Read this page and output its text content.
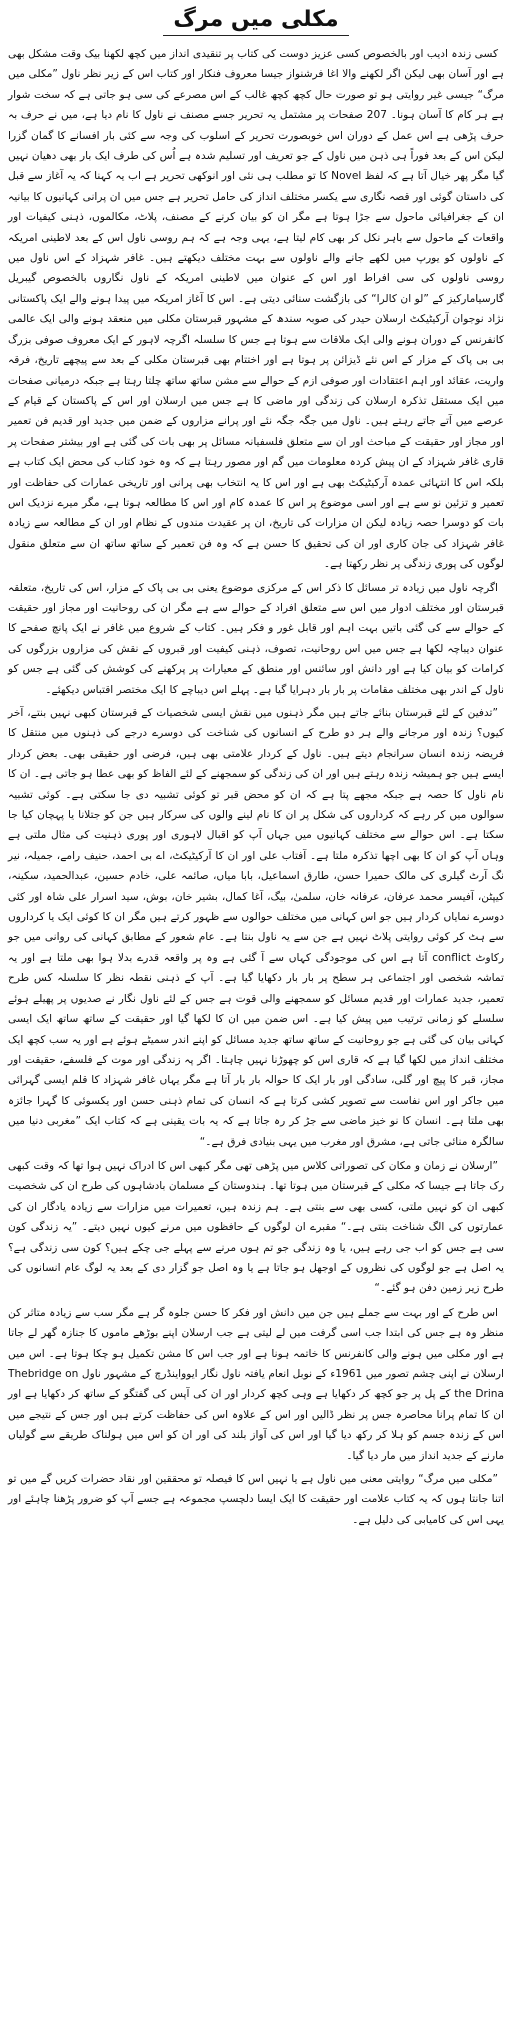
مکلی میں مرگ

کسی زندہ ادیب اور بالخصوص کسی عزیز دوست کی کتاب پر تنقیدی انداز میں کچھ لکھنا بیک وقت مشکل بھی ہے اور آسان بھی لیکن اگر لکھنے والا اغا فرشنواز جیسا معروف فنکار اور کتاب اس کے زیر نظر ناول ”مکلی میں مرگ“ جیسی غیر روایتی ہو تو صورت حال کچھ کچھ غالب کے اس مصرعے کی سی ہو جاتی ہے کہ سخت شوار ہے ہر کام کا آسان ہونا۔ 207 صفحات پر مشتمل یہ تحریر جسے مصنف نے ناول کا نام دیا ہے، میں نے حرف بہ حرف پڑھی ہے اس عمل کے دوران اس خوبصورت تحریر کے اسلوب کی وجہ سے کئی بار افسانے کا گمان گزرا لیکن اس کے بعد فوراً ہی ذہن میں ناول کے جو تعریف اور تسلیم شدہ ہے اُس کی طرف ایک بار بھی دھیان نہیں گیا مگر پھر خیال آتا ہے کہ لفظ Novel کا تو مطلب ہی نئی اور انوکھی تحریر ہے اب یہ کہنا کہ یہ آغاز سے قبل کی داستان گوئی اور قصہ نگاری سے یکسر مختلف انداز کی حامل تحریر ہے جس میں ان پرانی کہانیوں کا بیانیہ ان کے جغرافیائی ماحول سے جڑا ہوتا ہے مگر ان کو بیان کرنے کے مصنف، پلاٹ، مکالموں، ذہنی کیفیات اور واقعات کے ماحول سے باہر نکل کر بھی کام لیتا ہے، یہی وجہ ہے کہ ہم روسی ناول اس کے بعد لاطینی امریکہ کے ناولوں کو یورپ میں لکھے جانے والے ناولوں سے بہت مختلف دیکھتے ہیں۔ غافر شہزاد کے اس ناول میں روسی ناولوں کی سی افراط اور اس کے عنوان میں لاطینی امریکہ کے ناول نگاروں بالخصوص گیبریل گارسیامارکیز کے ”لو ان کالرا“ کی بازگشت سنائی دیتی ہے۔ اس کا آغاز امریکہ میں پیدا ہونے والے ایک پاکستانی نژاد نوجوان آرکیٹیکٹ ارسلان حیدر کی صوبہ سندھ کے مشہور قبرستان مکلی میں منعقد ہونے والی ایک عالمی کانفرنس کے دوران ہونے والی ایک ملاقات سے ہوتا ہے جس کا سلسلہ اگرچہ لاہور کے ایک معروف صوفی بزرگ بی بی پاک کے مزار کے اس نئے ڈیزائن پر ہوتا ہے اور اختتام بھی قبرستان مکلی کے بعد سے پیچھے تاریخ، فرقہ واریت، عقائد اور اہم اعتقادات اور صوفی ازم کے حوالے سے مشن ساتھ ساتھ چلتا رہتا ہے جبکہ درمیانی صفحات میں ایک مستقل تذکرہ ارسلان کی زندگی اور ماضی کا ہے جس میں ارسلان اور اس کے پاکستان کے قیام کے عرصے میں آتے جاتے رہتے ہیں۔ ناول میں جگہ جگہ نئے اور پرانے مزاروں کے ضمن میں جدید اور قدیم فن تعمیر اور مجاز اور حقیقت کے مباحث اور ان سے متعلق فلسفیانہ مسائل پر بھی بات کی گئی ہے اور بیشتر صفحات پر قاری غافر شہزاد کے ان پیش کردہ معلومات میں گم اور مصور رہتا ہے کہ وہ خود کتاب کی محض ایک کتاب ہے بلکہ اس کا انتہائی عمدہ آرکیٹیکٹ بھی ہے اور اس کا یہ انتخاب بھی پرانی اور تاریخی عمارات کی حفاظت اور تعمیر و تزئین نو سے ہے اور اسی موضوع پر اس کا عمدہ کام اور اس کا مطالعہ ہوتا ہے، مگر میرے نزدیک اس بات کو دوسرا حصہ زیادہ لیکن ان مزارات کی تاریخ، ان پر عقیدت مندوں کے نظام اور ان کے مطالعہ سے زیادہ غافر شہزاد کی جان کاری اور ان کی تحقیق کا حسن ہے کہ وہ فن تعمیر کے ساتھ ساتھ ان سے متعلق منقول لوگوں کی پوری زندگی پر نظر رکھتا ہے۔

اگرچہ ناول میں زیادہ تر مسائل کا ذکر اس کے مرکزی موضوع یعنی بی بی پاک کے مزار، اس کی تاریخ، متعلقہ قبرستان اور مختلف ادوار میں اس سے متعلق افراد کے حوالے سے ہے مگر ان کی روحانیت اور مجاز اور حقیقت کے حوالے سے کی گئی باتیں بہت اہم اور قابل غور و فکر ہیں۔ کتاب کے شروع میں غافر نے ایک پانچ صفحے کا عنوان دیباچہ لکھا ہے جس میں اس روحانیت، تصوف، ذہنی کیفیت اور قبروں کے نقش کی مزاروں بزرگوں کی کرامات کو بیان کیا ہے اور دانش اور سائنس اور منطق کے معیارات پر پرکھنے کی کوشش کی گئی ہے جس کو ناول کے اندر بھی مختلف مقامات پر بار بار دہرایا گیا ہے۔ پہلے اس دیباچے کا ایک مختصر اقتباس دیکھئے۔

”تدفین کے لئے قبرستان بنائے جاتے ہیں مگر ذہنوں میں نقش ایسی شخصیات کے قبرستان کبھی نہیں بنتے، آخر کیوں؟ زندہ اور مرجانے والے ہر دو طرح کے انسانوں کی شناخت کی دوسرے درجے کی ذہنوں میں منتقل کا فریضہ زندہ انسان سرانجام دیتے ہیں۔ ناول کے کردار علامتی بھی ہیں، فرضی اور حقیقی بھی۔ بعض کردار ایسے ہیں جو ہمیشہ زندہ رہتے ہیں اور ان کی زندگی کو سمجھنے کے لئے الفاظ کو بھی عطا ہو جاتی ہے۔ ان کا نام ناول کا حصہ ہے جبکہ مجھے پتا ہے کہ ان کو محض قبر تو کوئی تشبیہ دی جا سکتی ہے۔ کوئی تشبیہ سوالوں میں کر رہے کہ کرداروں کی شکل پر ان کا نام لینے والوں کی سرکار ہیں جن کو جتلانا یا پہچان کیا جا سکتا ہے۔ اس حوالے سے مختلف کہانیوں میں جہاں آپ کو اقبال لاہوری اور پوری ذہنیت کی مثال ملتی ہے وہاں آپ کو ان کا بھی اچھا تذکرہ ملتا ہے۔ آفتاب علی اور ان کا آرکیٹیکٹ، اے بی احمد، حنیف رامے، جمیلہ، نیر نگ آرٹ گیلری کی مالک حمیرا حسن، طارق اسماعیل، بابا میاں، صائمہ علی، خادم حسین، عبدالحمید، سکینہ، کیپٹن، آفیسر محمد عرفان، عرفانہ خان، سلمیٰ، بیگ، آغا کمال، بشیر خان، بوش، سید اسرار علی شاہ اور کئی دوسرے نمایاں کردار ہیں جو اس کہانی میں مختلف حوالوں سے ظہور کرتے ہیں مگر ان کا کوئی ایک یا کرداروں سے ہٹ کر کوئی روایتی پلاٹ نہیں ہے جن سے یہ ناول بنتا ہے۔ عام شعور کے مطابق کہانی کی روانی میں جو رکاوٹ conflict آتا ہے اس کی موجودگی کہاں سے آ گئی ہے وہ پر واقعہ قدرے بدلا ہوا بھی ملتا ہے اور یہ تماشہ شخصی اور اجتماعی ہر سطح پر بار بار دکھایا گیا ہے۔ آپ کے ذہنی نقطہ نظر کا سلسلہ کس طرح تعمیر، جدید عمارات اور قدیم مسائل کو سمجھنے والی قوت ہے جس کے لئے ناول نگار نے صدیوں پر پھیلے ہوئے سلسلے کو زمانی ترتیب میں پیش کیا ہے۔ اس ضمن میں ان کا لکھا گیا اور حقیقت کے ساتھ ساتھ ایک ایسی کہانی بیان کی گئی ہے جو روحانیت کے ساتھ ساتھ جدید مسائل کو اپنے اندر سمیٹے ہوئے ہے اور یہ سب کچھ ایک مختلف انداز میں لکھا گیا ہے کہ قاری اس کو چھوڑنا نہیں چاہتا۔ اگر پہ زندگی اور موت کے فلسفے، حقیقت اور مجاز، قبر کا پیچ اور گلی، سادگی اور بار ایک کا حوالہ بار بار آتا ہے مگر یہاں غافر شہزاد کا قلم ایسی گہرائی میں جاکر اور اس نفاست سے تصویر کشی کرتا ہے کہ انسان کی تمام ذہنی حسن اور یکسوئی کا گہرا جائزہ بھی ملتا ہے۔ انسان کا نو خیز ماضی سے جڑ کر رہ جاتا ہے کہ یہ بات یقینی ہے کہ کتاب ایک ”مغربی دنیا میں سالگرہ منائی جاتی ہے، مشرق اور مغرب میں یہی بنیادی فرق ہے۔“

”ارسلان نے زمان و مکان کی تصوراتی کلاس میں پڑھی تھی مگر کبھی اس کا ادراک نہیں ہوا تھا کہ وقت کبھی رک جاتا ہے جیسا کہ مکلی کے قبرستان میں ہوتا تھا۔ ہندوستان کے مسلمان بادشاہوں کی طرح ان کی شخصیت کبھی ان کو نہیں ملتی، کسی بھی سے بنتی ہے۔ ہم زندہ ہیں، تعمیرات میں مزارات سے زیادہ یادگار ان کی عمارتوں کی الگ شناخت بنتی ہے۔“ مقبرے ان لوگوں کے حافظوں میں مرنے کیوں نہیں دیتے۔ ”یہ زندگی کون سی ہے جس کو اب جی رہے ہیں، یا وہ زندگی جو تم ہوں مرنے سے پہلے جی چکے ہیں؟ کون سی زندگی ہے؟ یہ اصل ہے جو لوگوں کی نظروں کے اوجھل ہو جاتا ہے یا وہ اصل جو گزار دی کے بعد یہ لوگ عام انسانوں کی طرح زیر زمین دفن ہو گئے۔“

اس طرح کے اور بہت سے جملے ہیں جن میں دانش اور فکر کا حسن جلوہ گر ہے مگر سب سے زیادہ متاثر کن منظر وہ ہے جس کی ابتدا جب اسی گرفت میں لے لیتی ہے جب ارسلان اپنے بوڑھے ماموں کا جنازہ گھر لے جاتا ہے اور مکلی میں ہونے والی کانفرنس کا خاتمہ ہونا ہے اور جب اس کا مشن تکمیل ہو چکا ہوتا ہے۔ اس میں ارسلان نے اپنی چشم تصور میں 1961ء کے نوبل انعام یافتہ ناول نگار ایوواینڈرچ کے مشہور ناول Thebridge on the Drina کے پل پر جو کچھ کر دکھایا ہے وہی کچھ کردار اور ان کی آپس کی گفتگو کے ساتھ کر دکھایا ہے اور ان کا تمام پرانا محاصرہ جس پر نظر ڈالیں اور اس کے علاوہ اس کی حفاظت کرتے ہیں اور جس کے نتیجے میں اس کے زندہ جسم کو ہلا کر رکھ دیا گیا اور اس کی آواز بلند کی اور ان کو اس میں ہولناک طریقے سے گولیاں مارنے کے جدید انداز میں مار دیا گیا۔

”مکلی میں مرگ“ روایتی معنی میں ناول ہے یا نہیں اس کا فیصلہ تو محققین اور نقاد حضرات کریں گے میں تو اتنا جانتا ہوں کہ یہ کتاب علامت اور حقیقت کا ایک ایسا دلچسپ مجموعہ ہے جسے آپ کو ضرور پڑھنا چاہئے اور یہی اس کی کامیابی کی دلیل ہے۔
